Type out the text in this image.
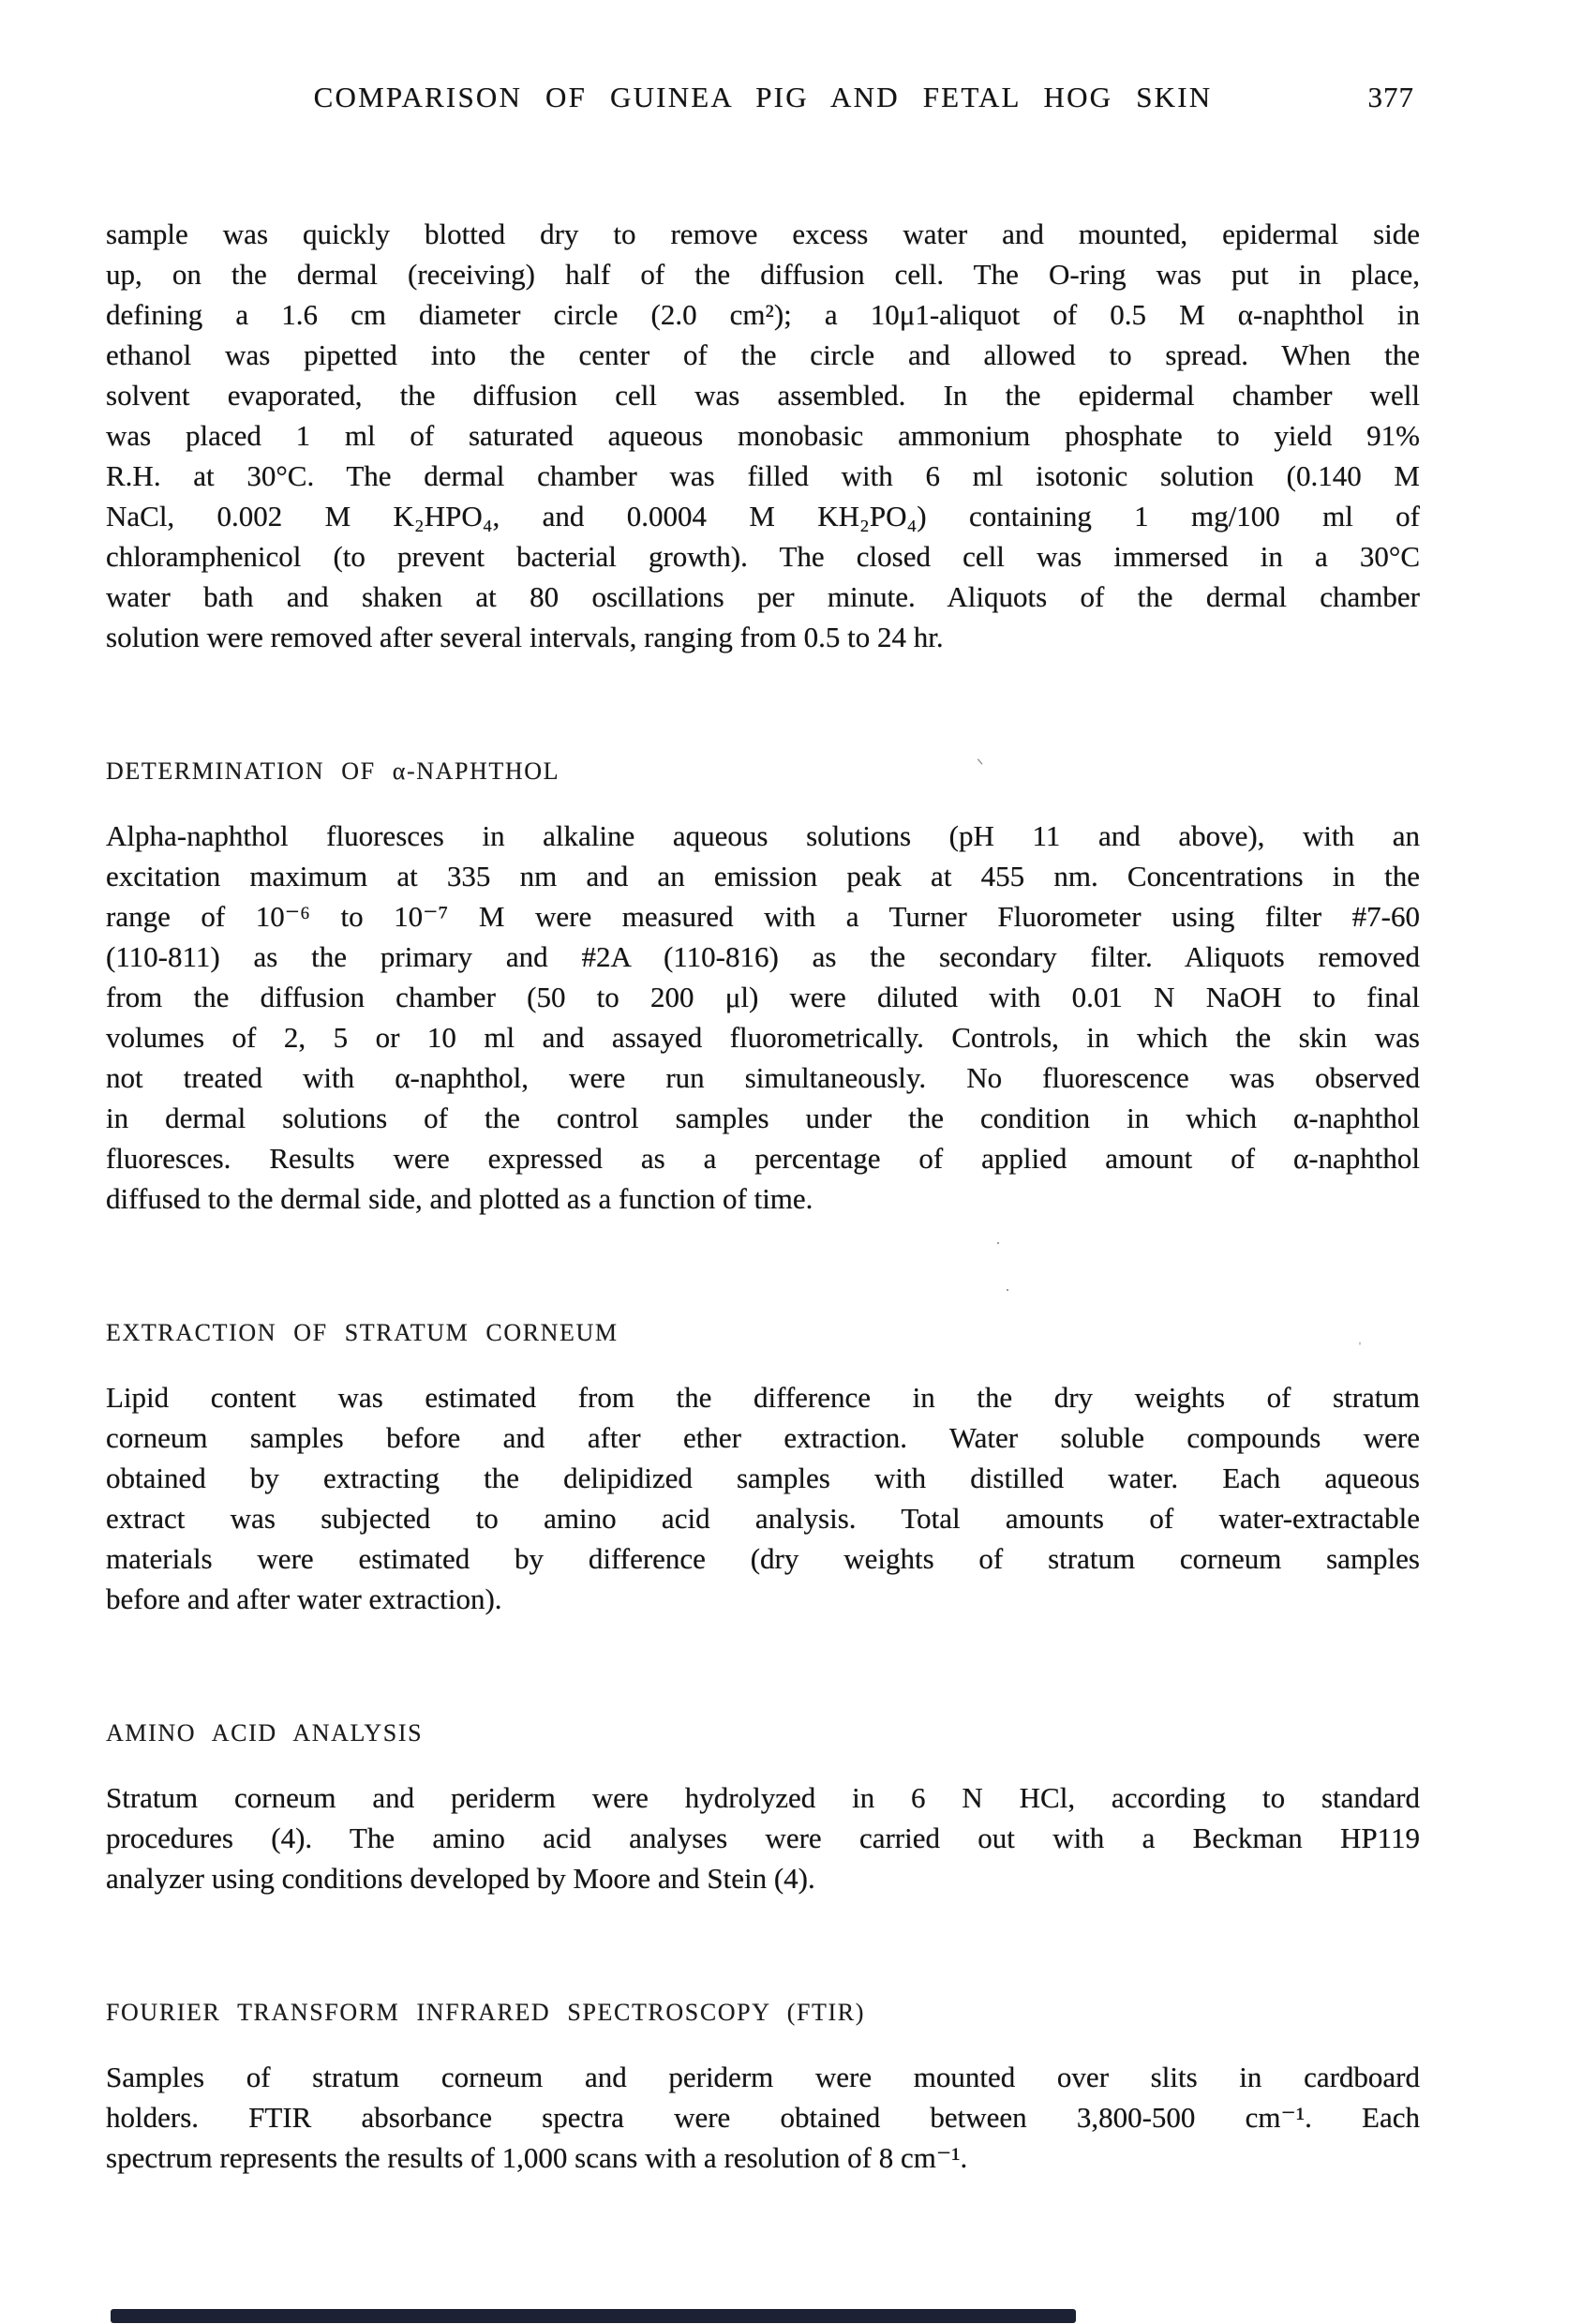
COMPARISON OF GUINEA PIG AND FETAL HOG SKIN	377
sample was quickly blotted dry to remove excess water and mounted, epidermal side
up, on the dermal (receiving) half of the diffusion cell. The O-ring was put in place,
defining a 1.6 cm diameter circle (2.0 cm²); a 10μ1-aliquot of 0.5 M α-naphthol in
ethanol was pipetted into the center of the circle and allowed to spread. When the
solvent evaporated, the diffusion cell was assembled. In the epidermal chamber well
was placed 1 ml of saturated aqueous monobasic ammonium phosphate to yield 91%
R.H. at 30°C. The dermal chamber was filled with 6 ml isotonic solution (0.140 M
NaCl, 0.002 M K₂HPO₄, and 0.0004 M KH₂PO₄) containing 1 mg/100 ml of
chloramphenicol (to prevent bacterial growth). The closed cell was immersed in a 30°C
water bath and shaken at 80 oscillations per minute. Aliquots of the dermal chamber
solution were removed after several intervals, ranging from 0.5 to 24 hr.
DETERMINATION OF α-NAPHTHOL
Alpha-naphthol fluoresces in alkaline aqueous solutions (pH 11 and above), with an
excitation maximum at 335 nm and an emission peak at 455 nm. Concentrations in the
range of 10⁻⁶ to 10⁻⁷ M were measured with a Turner Fluorometer using filter #7-60
(110-811) as the primary and #2A (110-816) as the secondary filter. Aliquots removed
from the diffusion chamber (50 to 200 μl) were diluted with 0.01 N NaOH to final
volumes of 2, 5 or 10 ml and assayed fluorometrically. Controls, in which the skin was
not treated with α-naphthol, were run simultaneously. No fluorescence was observed
in dermal solutions of the control samples under the condition in which α-naphthol
fluoresces. Results were expressed as a percentage of applied amount of α-naphthol
diffused to the dermal side, and plotted as a function of time.
EXTRACTION OF STRATUM CORNEUM
Lipid content was estimated from the difference in the dry weights of stratum
corneum samples before and after ether extraction. Water soluble compounds were
obtained by extracting the delipidized samples with distilled water. Each aqueous
extract was subjected to amino acid analysis. Total amounts of water-extractable
materials were estimated by difference (dry weights of stratum corneum samples
before and after water extraction).
AMINO ACID ANALYSIS
Stratum corneum and periderm were hydrolyzed in 6 N HCl, according to standard
procedures (4). The amino acid analyses were carried out with a Beckman HP119
analyzer using conditions developed by Moore and Stein (4).
FOURIER TRANSFORM INFRARED SPECTROSCOPY (FTIR)
Samples of stratum corneum and periderm were mounted over slits in cardboard
holders. FTIR absorbance spectra were obtained between 3,800-500 cm⁻¹. Each
spectrum represents the results of 1,000 scans with a resolution of 8 cm⁻¹.
ᐠ
·
·
ˈ
